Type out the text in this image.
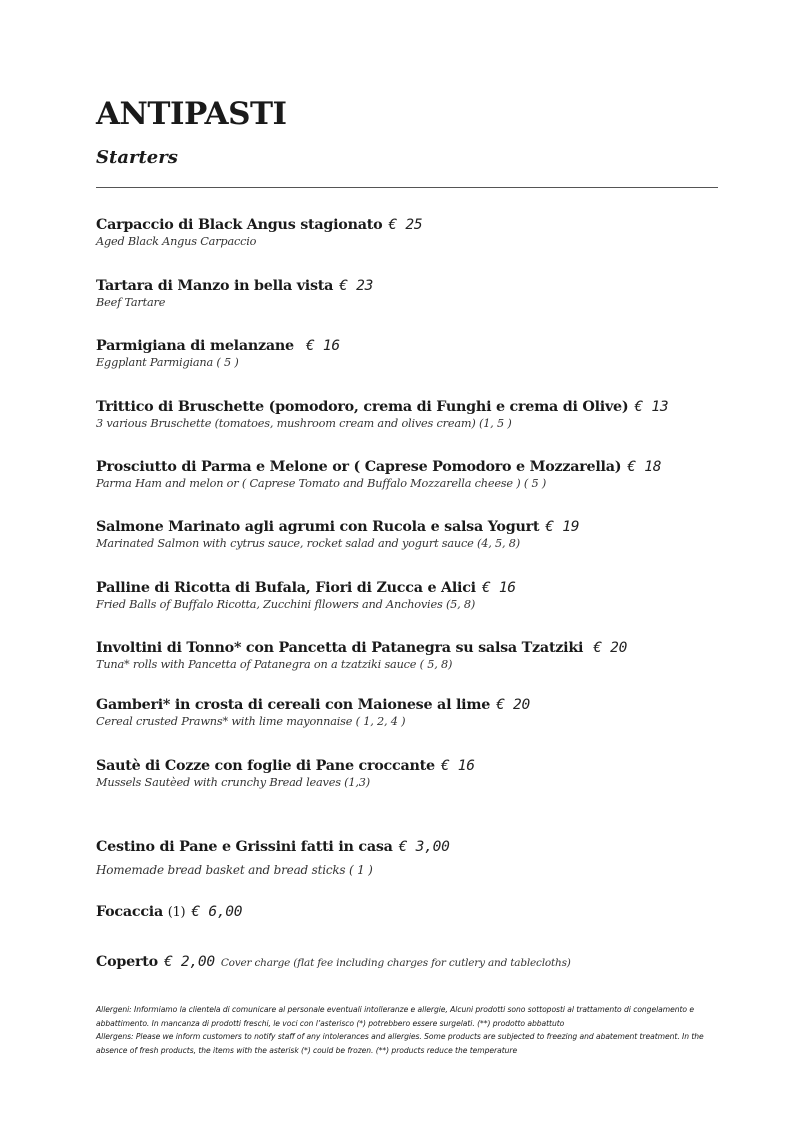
ANTIPASTI
Starters
Carpaccio di Black Angus stagionato € 25
Aged Black Angus Carpaccio
Tartara di Manzo in bella vista € 23
Beef Tartare
Parmigiana di melanzane € 16
Eggplant Parmigiana ( 5 )
Trittico di Bruschette (pomodoro, crema di Funghi e crema di Olive) € 13
3 various Bruschette (tomatoes, mushroom cream and olives cream) (1, 5 )
Prosciutto di Parma e Melone or ( Caprese Pomodoro e Mozzarella) € 18
Parma Ham and melon or ( Caprese Tomato and Buffalo Mozzarella cheese ) ( 5 )
Salmone Marinato agli agrumi con Rucola e salsa Yogurt € 19
Marinated Salmon with cytrus sauce, rocket salad and yogurt sauce (4, 5, 8)
Palline di Ricotta di Bufala, Fiori di Zucca e Alici € 16
Fried Balls of Buffalo Ricotta, Zucchini fllowers and Anchovies (5, 8)
Involtini di Tonno* con Pancetta di Patanegra su salsa Tzatziki € 20
Tuna* rolls with Pancetta of Patanegra on a tzatziki sauce ( 5, 8)
Gamberi* in crosta di cereali con Maionese al lime € 20
Cereal crusted Prawns* with lime mayonnaise ( 1, 2, 4 )
Sautè di Cozze con foglie di Pane croccante € 16
Mussels Sautèed with crunchy Bread leaves (1,3)
Cestino di Pane e Grissini fatti in casa € 3,00
Homemade bread basket and bread sticks ( 1 )
Focaccia (1) € 6,00
Coperto € 2,00 Cover charge (flat fee including charges for cutlery and tablecloths)

Allergeni: Informiamo la clientela di comunicare al personale eventuali intolleranze e allergie, Alcuni prodotti sono sottoposti al trattamento di congelamento e abbattimento. In mancanza di prodotti freschi, le voci con l’asterisco (*) potrebbero essere surgelati. (**) prodotto abbattuto

Allergens: Please we inform customers to notify staff of any intolerances and allergies. Some products are subjected to freezing and abatement treatment. In the absence of fresh products, the items with the asterisk (*) could be frozen. (**) products reduce the temperature
